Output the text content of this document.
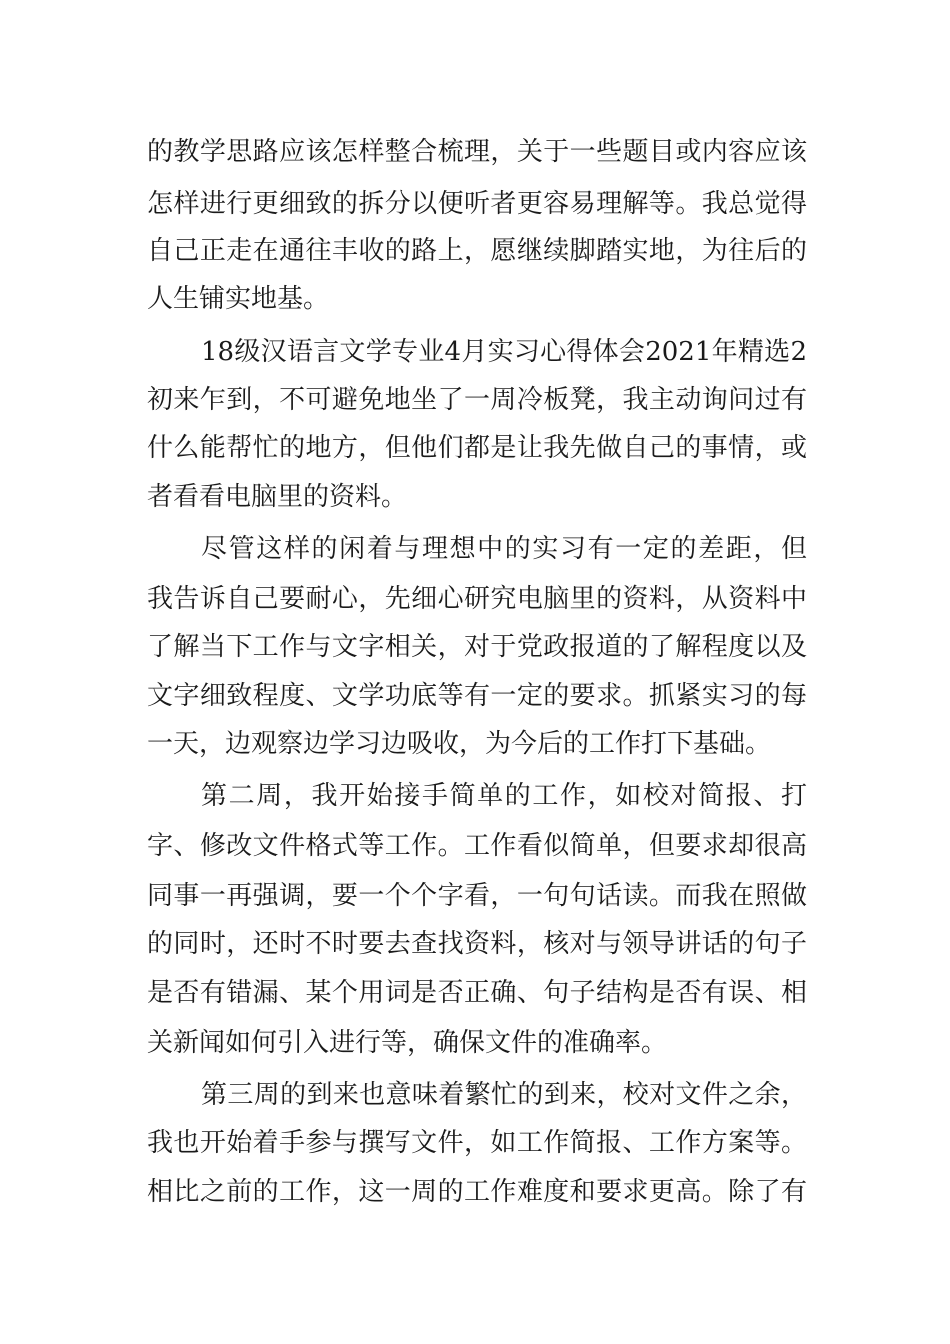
的教学思路应该怎样整合梳理，关于一些题目或内容应该
怎样进行更细致的拆分以便听者更容易理解等。我总觉得
自己正走在通往丰收的路上，愿继续脚踏实地，为往后的
人生铺实地基。
18级汉语言文学专业4月实习心得体会2021年精选2
初来乍到，不可避免地坐了一周冷板凳，我主动询问过有
什么能帮忙的地方，但他们都是让我先做自己的事情，或
者看看电脑里的资料。
尽管这样的闲着与理想中的实习有一定的差距，但
我告诉自己要耐心，先细心研究电脑里的资料，从资料中
了解当下工作与文字相关，对于党政报道的了解程度以及
文字细致程度、文学功底等有一定的要求。抓紧实习的每
一天，边观察边学习边吸收，为今后的工作打下基础。
第二周，我开始接手简单的工作，如校对简报、打
字、修改文件格式等工作。工作看似简单，但要求却很高
同事一再强调，要一个个字看，一句句话读。而我在照做
的同时，还时不时要去查找资料，核对与领导讲话的句子
是否有错漏、某个用词是否正确、句子结构是否有误、相
关新闻如何引入进行等，确保文件的准确率。
第三周的到来也意味着繁忙的到来，校对文件之余，
我也开始着手参与撰写文件，如工作简报、工作方案等。
相比之前的工作，这一周的工作难度和要求更高。除了有
